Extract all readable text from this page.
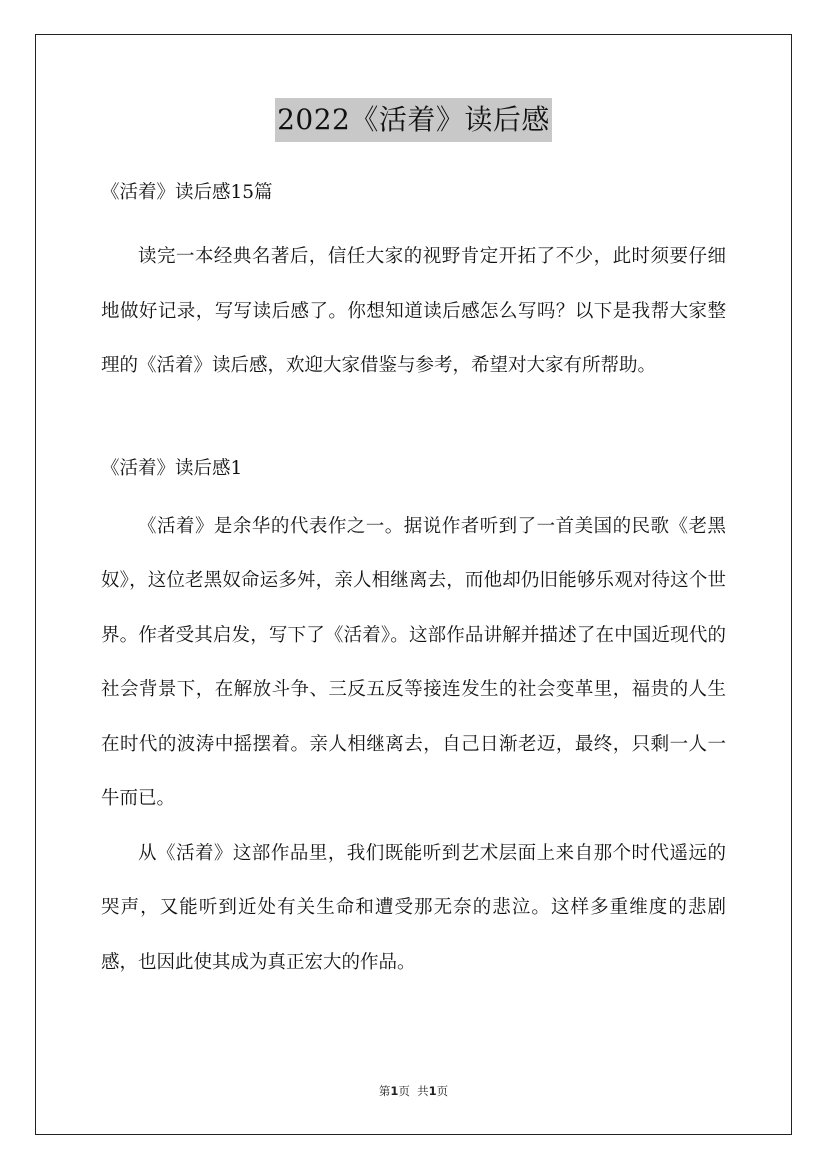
2022《活着》读后感

《活着》读后感15篇

读完一本经典名著后，信任大家的视野肯定开拓了不少，此时须要仔细地做好记录，写写读后感了。你想知道读后感怎么写吗？以下是我帮大家整理的《活着》读后感，欢迎大家借鉴与参考，希望对大家有所帮助。

《活着》读后感1

《活着》是余华的代表作之一。据说作者听到了一首美国的民歌《老黑奴》，这位老黑奴命运多舛，亲人相继离去，而他却仍旧能够乐观对待这个世界。作者受其启发，写下了《活着》。这部作品讲解并描述了在中国近现代的社会背景下，在解放斗争、三反五反等接连发生的社会变革里，福贵的人生在时代的波涛中摇摆着。亲人相继离去，自己日渐老迈，最终，只剩一人一牛而已。

从《活着》这部作品里，我们既能听到艺术层面上来自那个时代遥远的哭声，又能听到近处有关生命和遭受那无奈的悲泣。这样多重维度的悲剧感，也因此使其成为真正宏大的作品。

第1页 共1页
